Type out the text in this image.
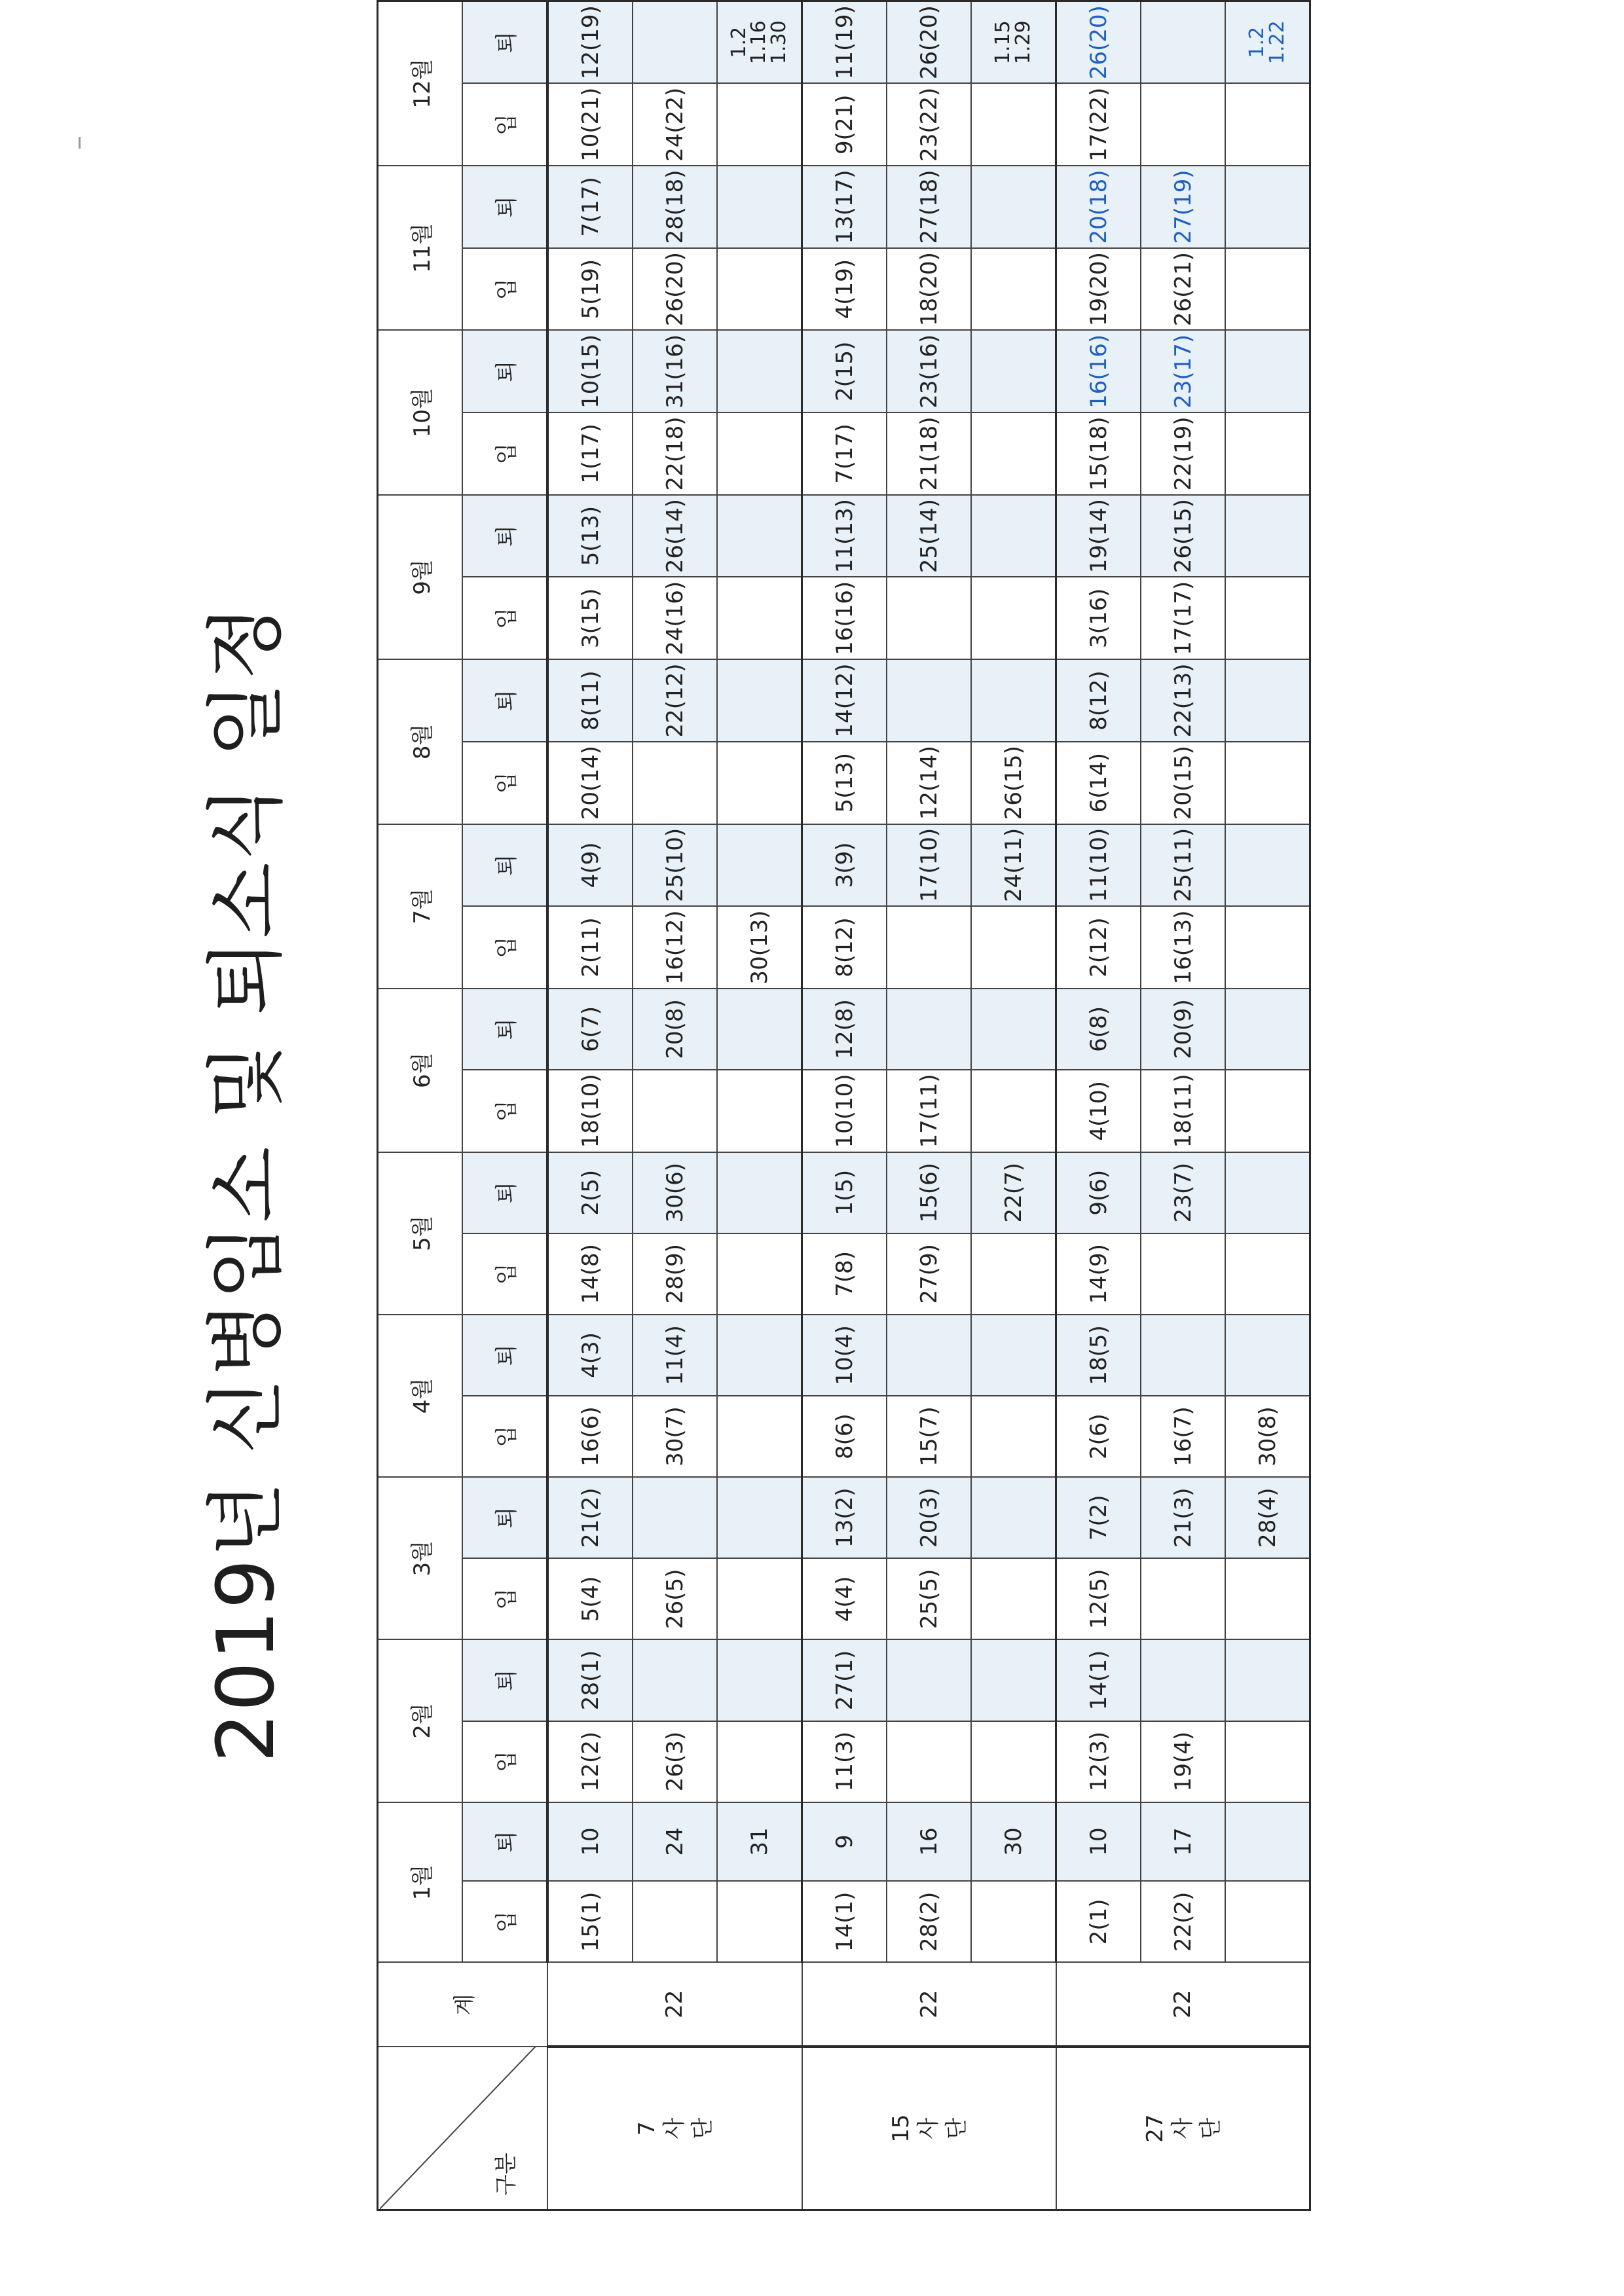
2019년 신병입소 및 퇴소식 일정
구분	계	1월		2월		3월		4월		5월		6월		7월		8월		9월		10월		11월		12월	
		입	퇴	입	퇴	입	퇴	입	퇴	입	퇴	입	퇴	입	퇴	입	퇴	입	퇴	입	퇴	입	퇴	입	퇴
7
사
단	22	15(1)	10	12(2)	28(1)	5(4)	21(2)	16(6)	4(3)	14(8)	2(5)	18(10)	6(7)	2(11)	4(9)	20(14)	8(11)	3(15)	5(13)	1(17)	10(15)	5(19)	7(17)	10(21)	12(19)
			24	26(3)		26(5)		30(7)	11(4)	28(9)	30(6)		20(8)	16(12)	25(10)		22(12)	24(16)	26(14)	22(18)	31(16)	26(20)	28(18)	24(22)	
			31											30(13)											1.2
1.16
1.30
15
사
단	22	14(1)	9	11(3)	27(1)	4(4)	13(2)	8(6)	10(4)	7(8)	1(5)	10(10)	12(8)	8(12)	3(9)	5(13)	14(12)	16(16)	11(13)	7(17)	2(15)	4(19)	13(17)	9(21)	11(19)
		28(2)	16			25(5)	20(3)	15(7)		27(9)	15(6)	17(11)			17(10)	12(14)			25(14)	21(18)	23(16)	18(20)	27(18)	23(22)	26(20)
			30								22(7)				24(11)	26(15)									1.15
1.29
27
사
단	22	2(1)	10	12(3)	14(1)	12(5)	7(2)	2(6)	18(5)	14(9)	9(6)	4(10)	6(8)	2(12)	11(10)	6(14)	8(12)	3(16)	19(14)	15(18)	16(16)	19(20)	20(18)	17(22)	26(20)
		22(2)	17	19(4)			21(3)	16(7)			23(7)	18(11)	20(9)	16(13)	25(11)	20(15)	22(13)	17(17)	26(15)	22(19)	23(17)	26(21)	27(19)		
							28(4)	30(8)																	1.2
1.22
